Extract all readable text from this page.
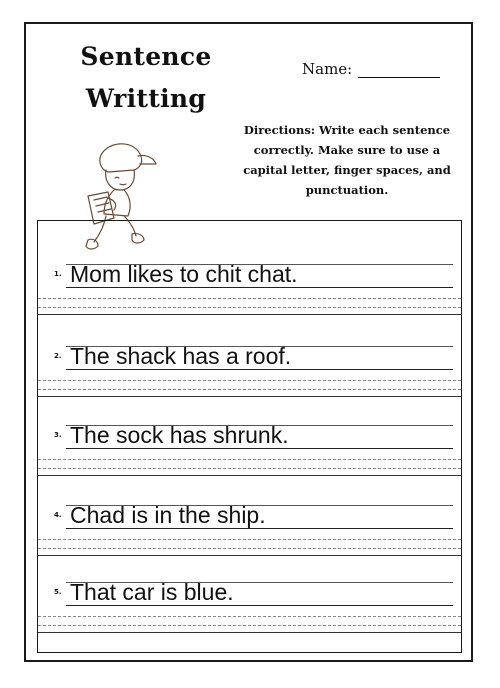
Sentence
Writting
Name:
Directions: Write each sentence correctly. Make sure to use a capital letter, finger spaces, and punctuation.
1. Mom likes to chit chat.
2. The shack has a roof.
3. The sock has shrunk.
4. Chad is in the ship.
5. That car is blue.
